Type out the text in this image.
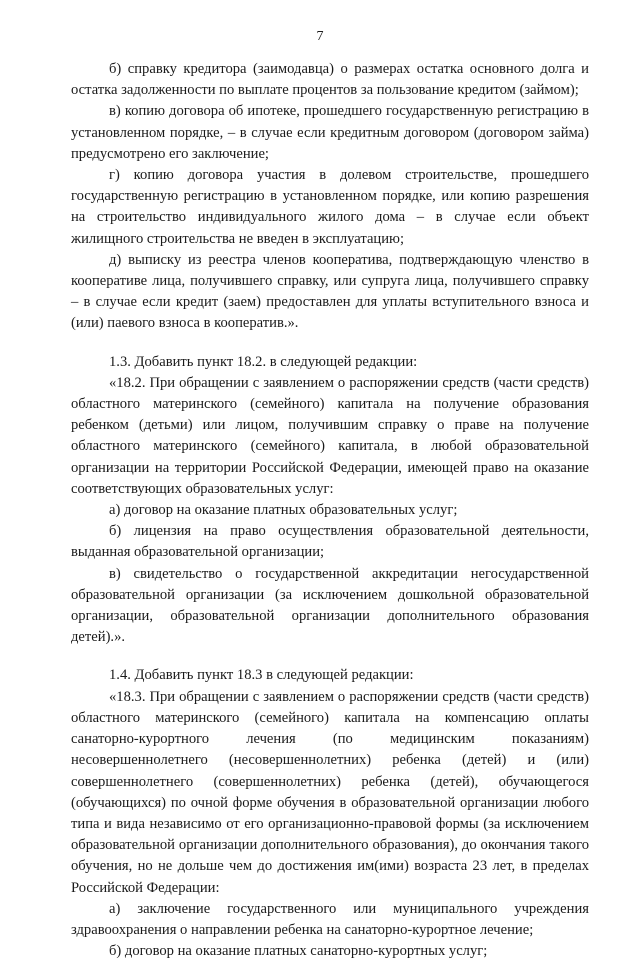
7

б) справку кредитора (заимодавца) о размерах остатка основного долга и остатка задолженности по выплате процентов за пользование кредитом (займом);

в) копию договора об ипотеке, прошедшего государственную регистрацию в установленном порядке, – в случае если кредитным договором (договором займа) предусмотрено его заключение;

г) копию договора участия в долевом строительстве, прошедшего государственную регистрацию в установленном порядке, или копию разрешения на строительство индивидуального жилого дома – в случае если объект жилищного строительства не введен в эксплуатацию;

д) выписку из реестра членов кооператива, подтверждающую членство в кооперативе лица, получившего справку, или супруга лица, получившего справку – в случае если кредит (заем) предоставлен для уплаты вступительного взноса и (или) паевого взноса в кооператив.».

1.3. Добавить пункт 18.2. в следующей редакции:

«18.2. При обращении с заявлением о распоряжении средств (части средств) областного материнского (семейного) капитала на получение образования ребенком (детьми) или лицом, получившим справку о праве на получение областного материнского (семейного) капитала, в любой образовательной организации на территории Российской Федерации, имеющей право на оказание соответствующих образовательных услуг:

а) договор на оказание платных образовательных услуг;

б) лицензия на право осуществления образовательной деятельности, выданная образовательной организации;

в) свидетельство о государственной аккредитации негосударственной образовательной организации (за исключением дошкольной образовательной организации, образовательной организации дополнительного образования детей).».

1.4. Добавить пункт 18.3 в следующей редакции:

«18.3. При обращении с заявлением о распоряжении средств (части средств) областного материнского (семейного) капитала на компенсацию оплаты санаторно-курортного лечения (по медицинским показаниям) несовершеннолетнего (несовершеннолетних) ребенка (детей) и (или) совершеннолетнего (совершеннолетних) ребенка (детей), обучающегося (обучающихся) по очной форме обучения в образовательной организации любого типа и вида независимо от его организационно-правовой формы (за исключением образовательной организации дополнительного образования), до окончания такого обучения, но не дольше чем до достижения им(ими) возраста 23 лет, в пределах Российской Федерации:

а) заключение государственного или муниципального учреждения здравоохранения о направлении ребенка на санаторно-курортное лечение;

б) договор на оказание платных санаторно-курортных услуг;
